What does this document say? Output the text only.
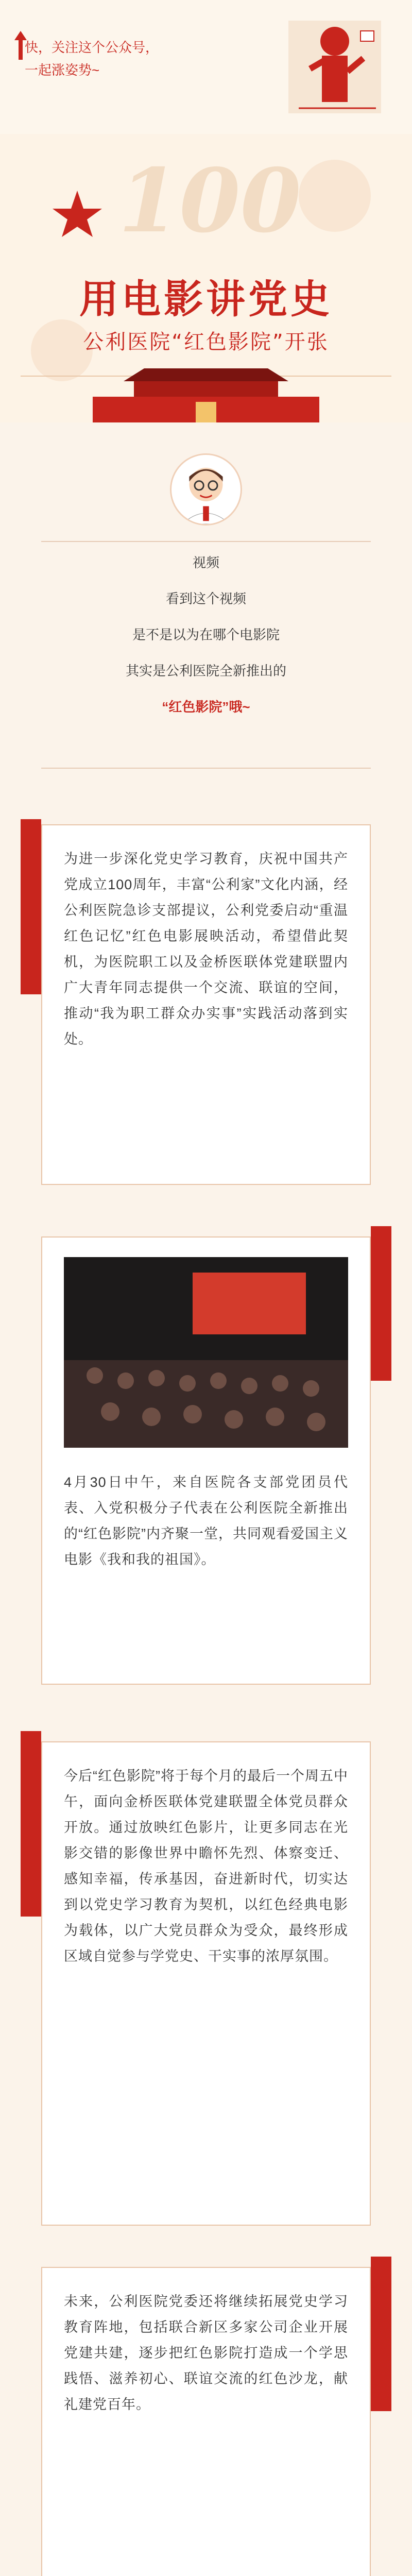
快，关注这个公众号，
一起涨姿势~
100
用电影讲党史
公利医院“红色影院”开张
视频
看到这个视频
是不是以为在哪个电影院
其实是公利医院全新推出的
“红色影院”哦~

为进一步深化党史学习教育，庆祝中国共产党成立100周年，丰富“公利家”文化内涵，经公利医院急诊支部提议，公利党委启动“重温红色记忆”红色电影展映活动，希望借此契机，为医院职工以及金桥医联体党建联盟内广大青年同志提供一个交流、联谊的空间，推动“我为职工群众办实事”实践活动落到实处。

4月30日中午，来自医院各支部党团员代表、入党积极分子代表在公利医院全新推出的“红色影院”内齐聚一堂，共同观看爱国主义电影《我和我的祖国》。

今后“红色影院”将于每个月的最后一个周五中午，面向金桥医联体党建联盟全体党员群众开放。通过放映红色影片，让更多同志在光影交错的影像世界中瞻怀先烈、体察变迁、感知幸福，传承基因，奋进新时代，切实达到以党史学习教育为契机，以红色经典电影为载体，以广大党员群众为受众，最终形成区域自觉参与学党史、干实事的浓厚氛围。

未来，公利医院党委还将继续拓展党史学习教育阵地，包括联合新区多家公司企业开展党建共建，逐步把红色影院打造成一个学思践悟、滋养初心、联谊交流的红色沙龙，献礼建党百年。
